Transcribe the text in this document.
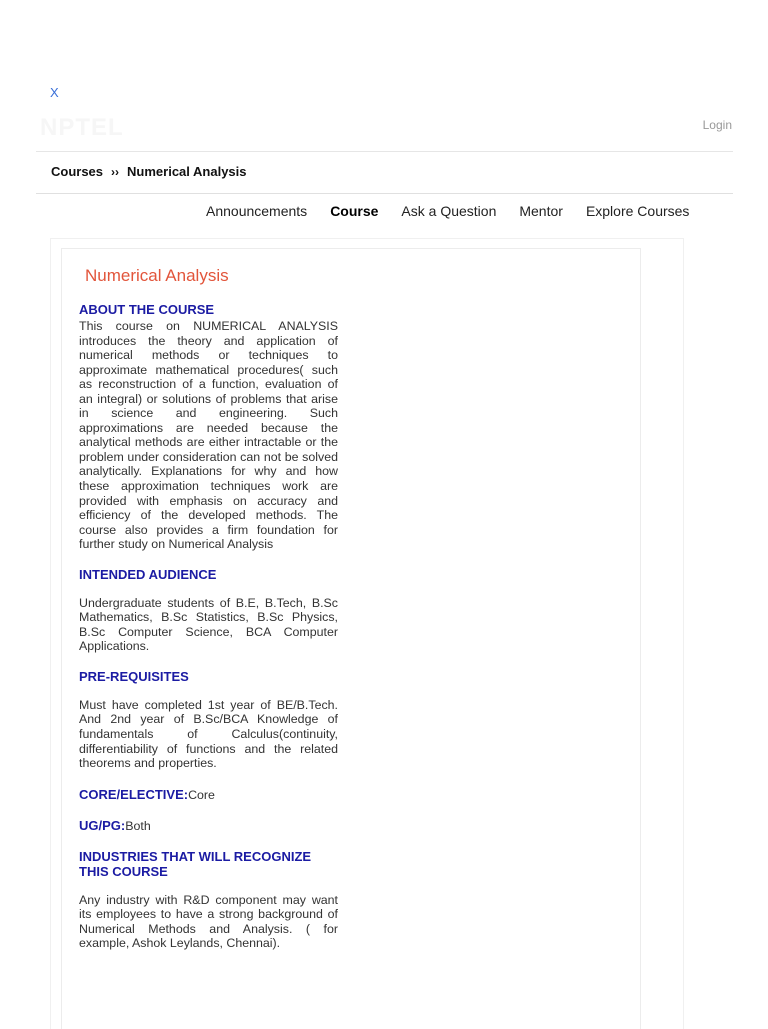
X
NPTEL	Login
Courses ›› Numerical Analysis
Announcements Course Ask a Question Mentor Explore Courses
Numerical Analysis
ABOUT THE COURSE

This course on NUMERICAL ANALYSIS introduces the theory and application of numerical methods or techniques to approximate mathematical procedures( such as reconstruction of a function, evaluation of an integral) or solutions of problems that arise in science and engineering. Such approximations are needed because the analytical methods are either intractable or the problem under consideration can not be solved analytically. Explanations for why and how these approximation techniques work are provided with emphasis on accuracy and efficiency of the developed methods. The course also provides a firm foundation for further study on Numerical Analysis

INTENDED AUDIENCE

Undergraduate students of B.E, B.Tech, B.Sc Mathematics, B.Sc Statistics, B.Sc Physics, B.Sc Computer Science, BCA Computer Applications.

PRE-REQUISITES

Must have completed 1st year of BE/B.Tech. And 2nd year of B.Sc/BCA Knowledge of fundamentals of Calculus(continuity, differentiability of functions and the related theorems and properties.

CORE/ELECTIVE:Core

UG/PG:Both

INDUSTRIES THAT WILL RECOGNIZE THIS COURSE

Any industry with R&D component may want its employees to have a strong background of Numerical Methods and Analysis. ( for example, Ashok Leylands, Chennai).
